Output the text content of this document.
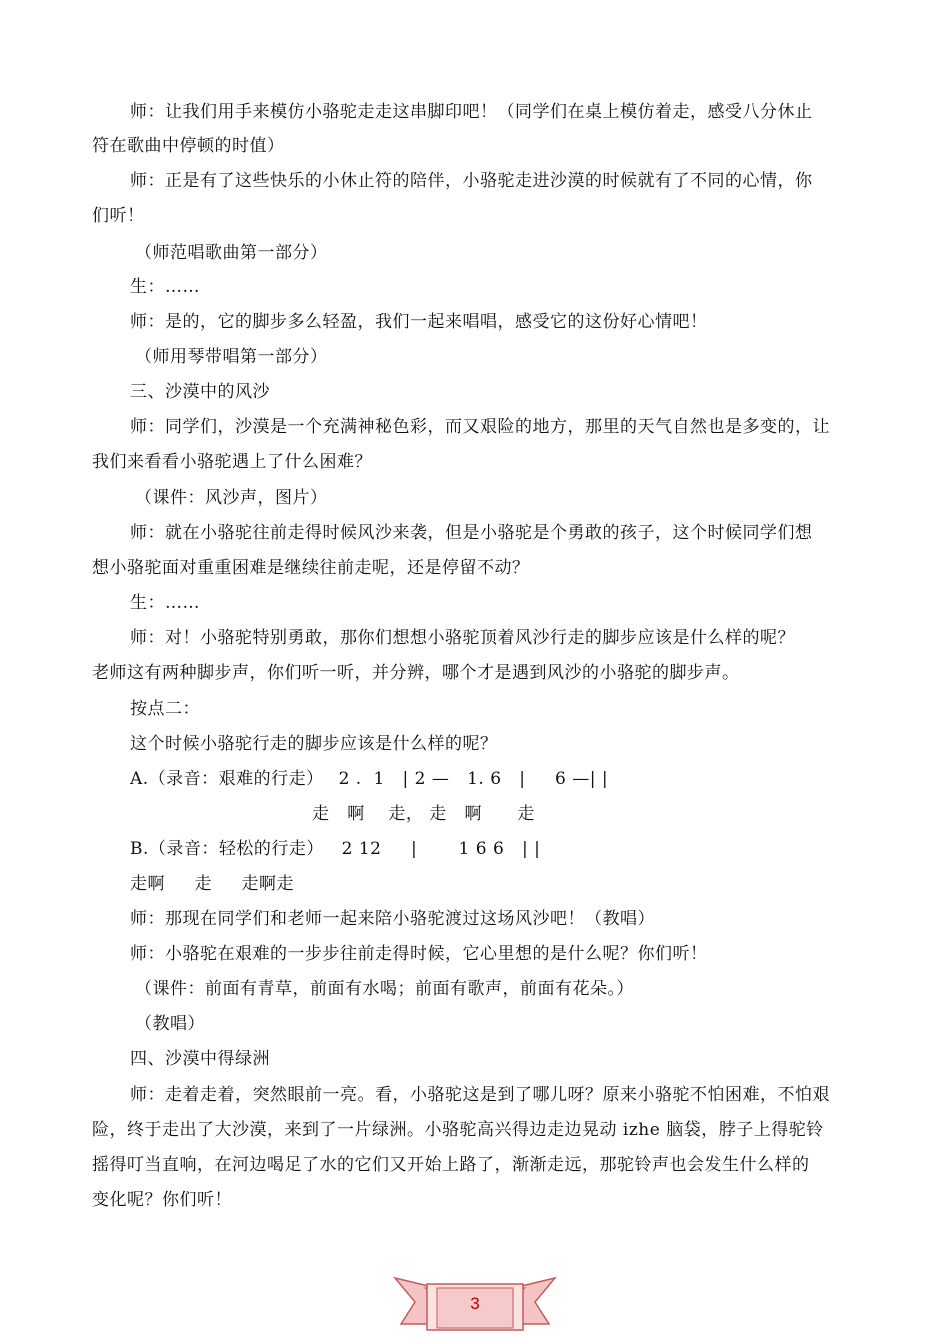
师：让我们用手来模仿小骆驼走走这串脚印吧！（同学们在桌上模仿着走，感受八分休止
符在歌曲中停顿的时值）
师：正是有了这些快乐的小休止符的陪伴，小骆驼走进沙漠的时候就有了不同的心情，你
们听！
（师范唱歌曲第一部分）
生：……
师：是的，它的脚步多么轻盈，我们一起来唱唱，感受它的这份好心情吧！
（师用琴带唱第一部分）
三、沙漠中的风沙
师：同学们，沙漠是一个充满神秘色彩，而又艰险的地方，那里的天气自然也是多变的，让
我们来看看小骆驼遇上了什么困难？
（课件：风沙声，图片）
师：就在小骆驼往前走得时候风沙来袭，但是小骆驼是个勇敢的孩子，这个时候同学们想
想小骆驼面对重重困难是继续往前走呢，还是停留不动？
生：……
师：对！小骆驼特别勇敢，那你们想想小骆驼顶着风沙行走的脚步应该是什么样的呢？
老师这有两种脚步声，你们听一听，并分辨，哪个才是遇到风沙的小骆驼的脚步声。
按点二：
这个时候小骆驼行走的脚步应该是什么样的呢？
A.（录音：艰难的行走）　 2 .  1   | 2 —   1. 6   |     6 —| |
走   啊    走， 走   啊      走
B.（录音：轻松的行走）   2 12     |       1 6 6   | |
走啊     走     走啊走
师：那现在同学们和老师一起来陪小骆驼渡过这场风沙吧！（教唱）
师：小骆驼在艰难的一步步往前走得时候，它心里想的是什么呢？你们听！
（课件：前面有青草，前面有水喝；前面有歌声，前面有花朵。）
（教唱）
四、沙漠中得绿洲
师：走着走着，突然眼前一亮。看，小骆驼这是到了哪儿呀？原来小骆驼不怕困难，不怕艰
险，终于走出了大沙漠，来到了一片绿洲。小骆驼高兴得边走边晃动 izhe 脑袋，脖子上得驼铃
摇得叮当直响，在河边喝足了水的它们又开始上路了，渐渐走远，那驼铃声也会发生什么样的
变化呢？你们听！
3
